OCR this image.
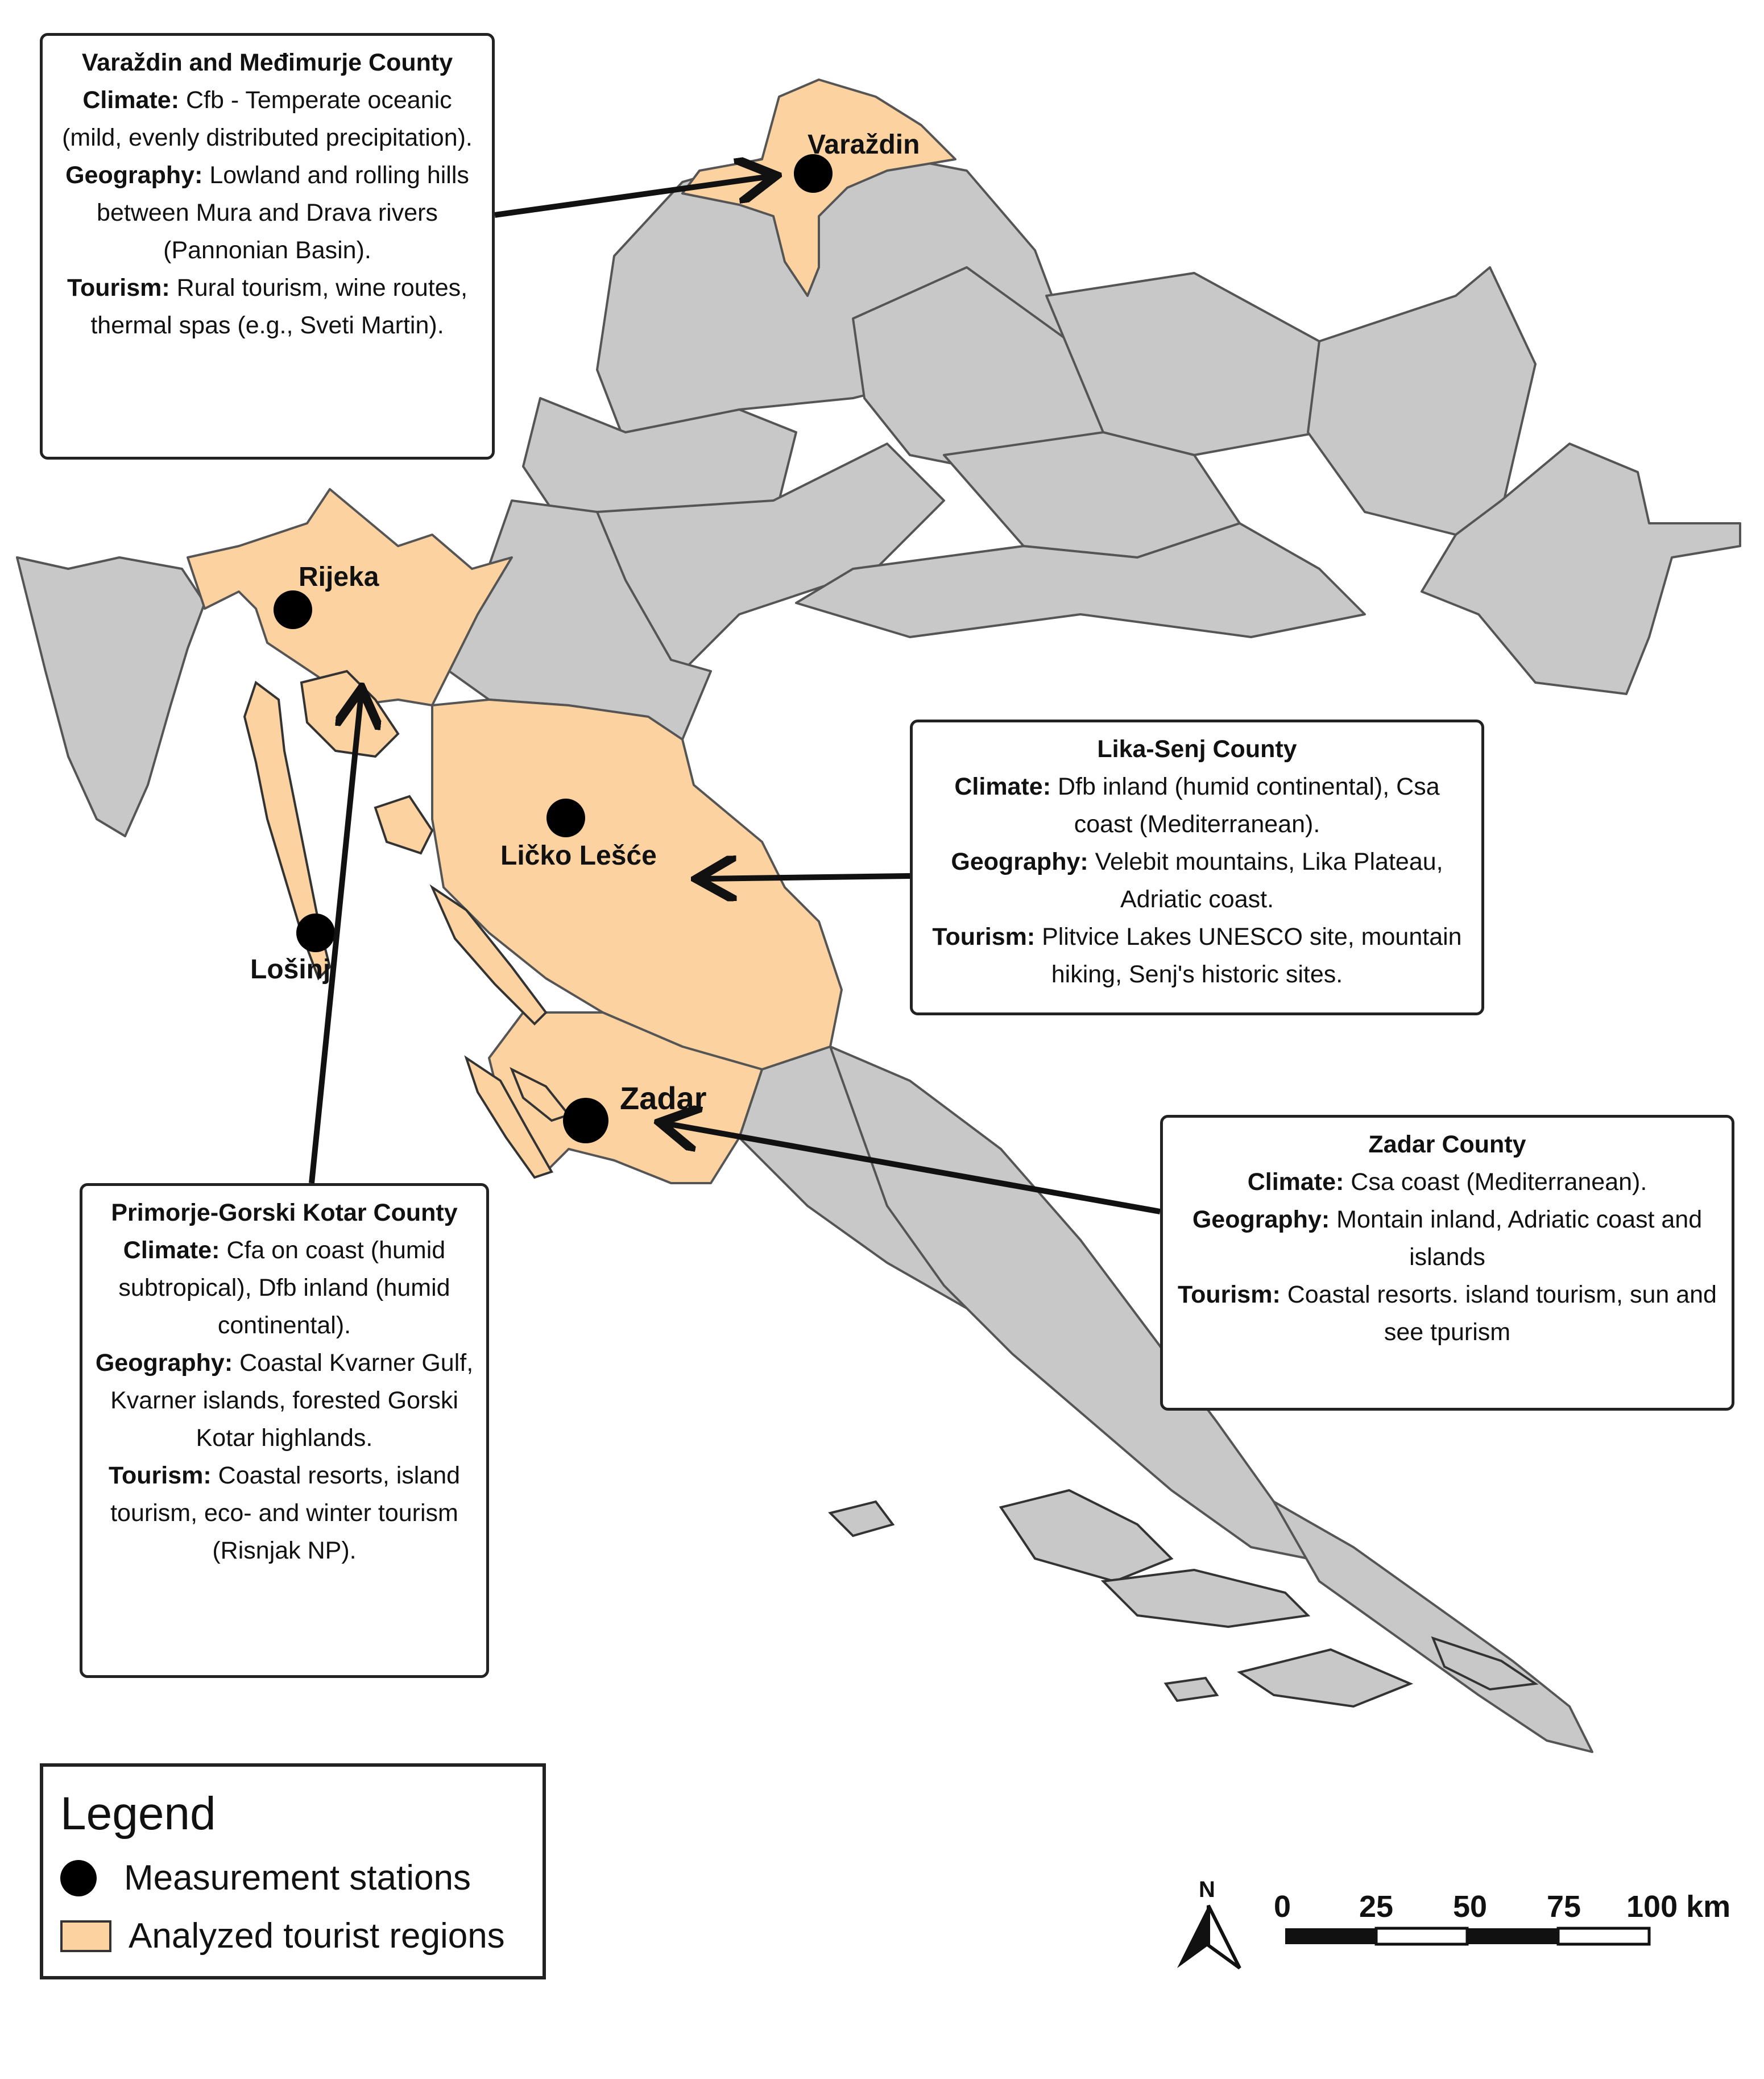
Varaždin
Rijeka
Ličko Lešće
Lošinj
Zadar
N 0 25 50 75 100 km
Varaždin and Međimurje County
Climate: Cfb - Temperate oceanic (mild, evenly distributed precipitation).
Geography: Lowland and rolling hills between Mura and Drava rivers (Pannonian Basin).
Tourism: Rural tourism, wine routes, thermal spas (e.g., Sveti Martin).
Lika-Senj County
Climate: Dfb inland (humid continental), Csa coast (Mediterranean).
Geography: Velebit mountains, Lika Plateau, Adriatic coast.
Tourism: Plitvice Lakes UNESCO site, mountain hiking, Senj's historic sites.
Zadar County
Climate: Csa coast (Mediterranean).
Geography: Montain inland, Adriatic coast and islands
Tourism: Coastal resorts. island tourism, sun and see tpurism
Primorje-Gorski Kotar County
Climate: Cfa on coast (humid subtropical), Dfb inland (humid continental).
Geography: Coastal Kvarner Gulf, Kvarner islands, forested Gorski Kotar highlands.
Tourism: Coastal resorts, island tourism, eco- and winter tourism (Risnjak NP).
Legend
Measurement stations
Analyzed tourist regions
